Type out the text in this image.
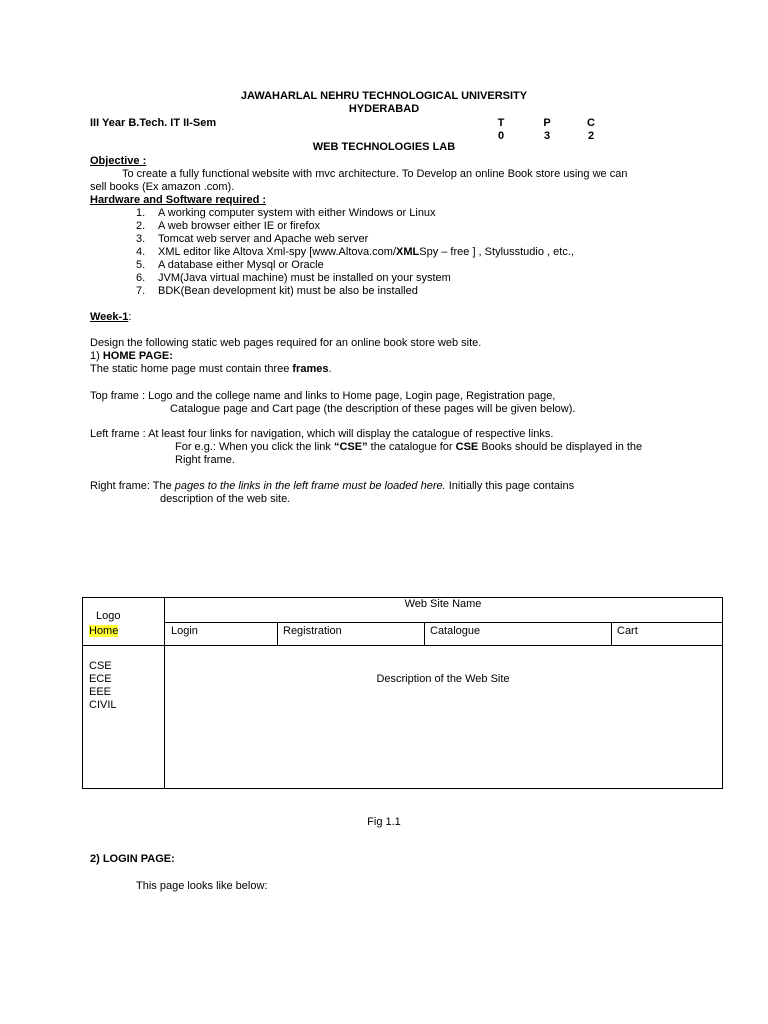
JAWAHARLAL NEHRU TECHNOLOGICAL UNIVERSITY
HYDERABAD
III Year B.Tech. IT II-Sem	T	P	C
0	3	2
WEB TECHNOLOGIES LAB
Objective :
To create a fully functional website with mvc architecture. To Develop an online Book store using we can
sell books (Ex amazon .com).
Hardware and Software required :
1. A working computer system with either Windows or Linux
2. A web browser either IE or firefox
3. Tomcat web server and Apache web server
4. XML editor like Altova Xml-spy [www.Altova.com/XMLSpy – free ] , Stylusstudio , etc.,
5. A database either Mysql or Oracle
6. JVM(Java virtual machine) must be installed on your system
7. BDK(Bean development kit) must be also be installed
Week-1:
Design the following static web pages required for an online book store web site.
1) HOME PAGE:
The static home page must contain three frames.
Top frame : Logo and the college name and links to Home page, Login page, Registration page,
Catalogue page and Cart page (the description of these pages will be given below).
Left frame : At least four links for navigation, which will display the catalogue of respective links.
For e.g.: When you click the link “CSE” the catalogue for CSE Books should be displayed in the
Right frame.
Right frame: The pages to the links in the left frame must be loaded here. Initially this page contains
description of the web site.
Logo
Web Site Name
Home	Login	Registration	Catalogue	Cart
CSE
ECE
EEE
CIVIL
Description of the Web Site
Fig 1.1
2) LOGIN PAGE:
This page looks like below:
